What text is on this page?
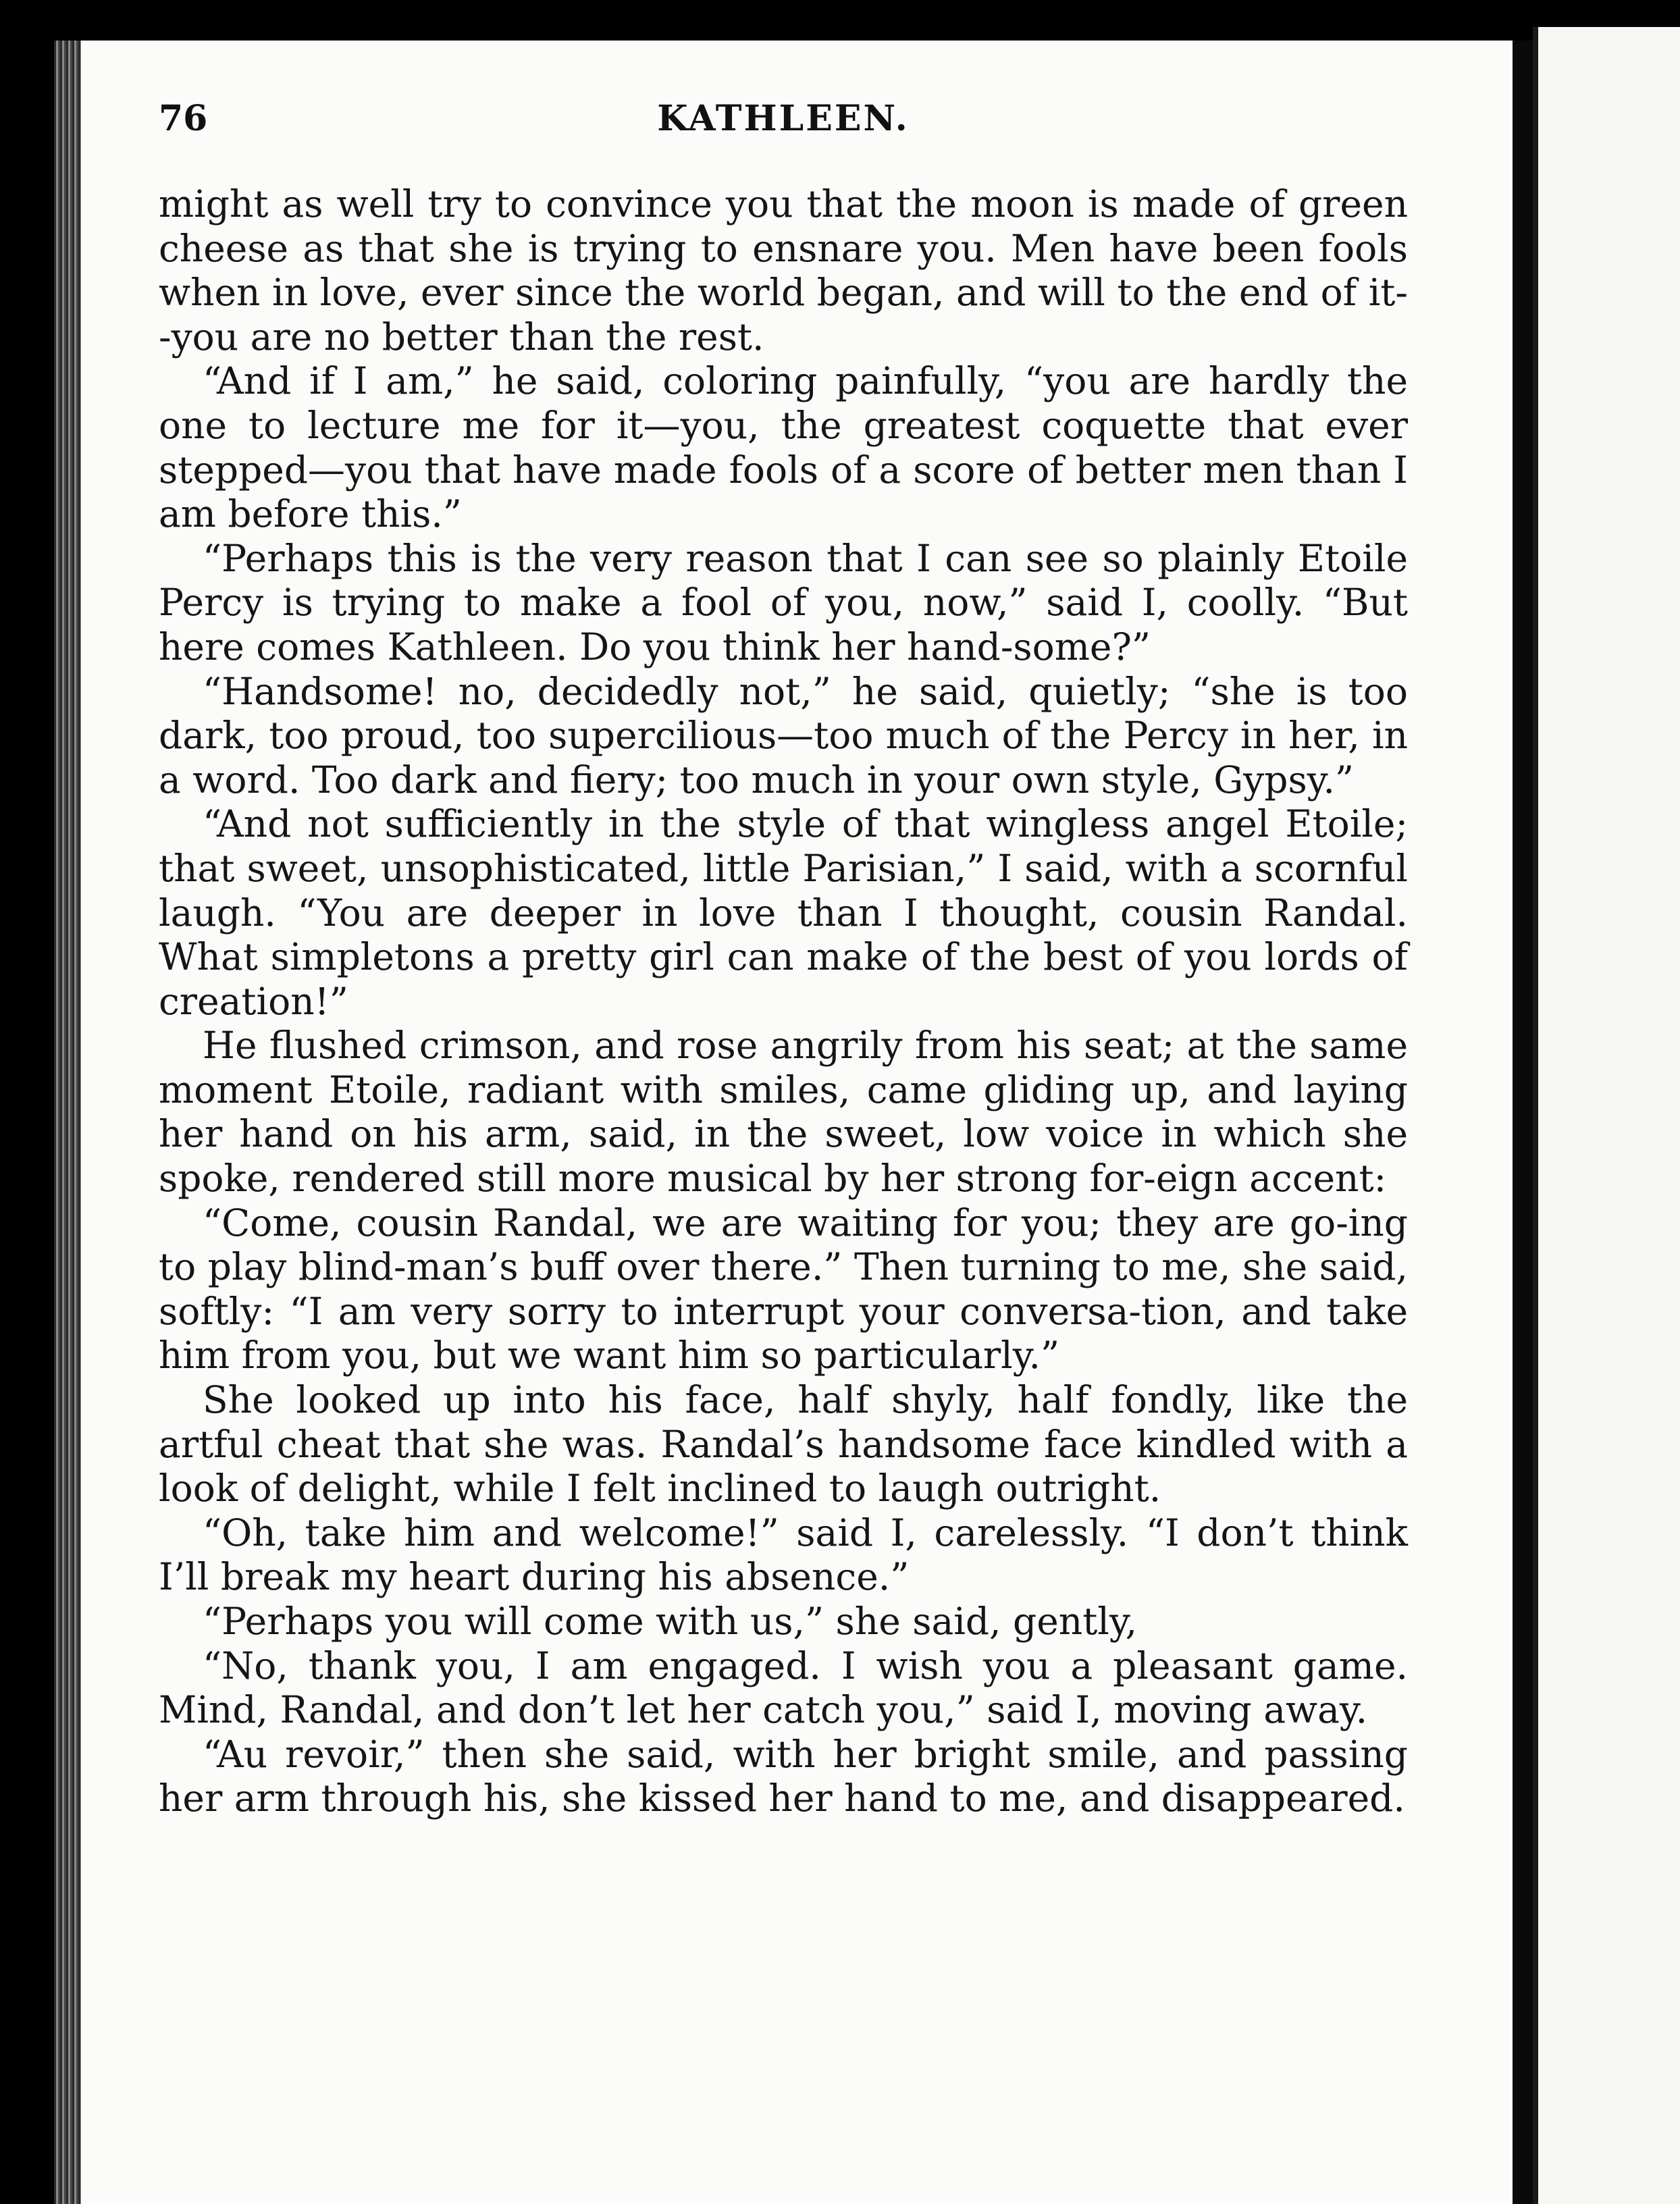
KATHLEEN.
76

might as well try to convince you that the moon is made of green cheese as that she is trying to ensnare you. Men have been fools when in love, ever since the world began, and will to the end of it--you are no better than the rest.

“And if I am,” he said, coloring painfully, “you are hardly the one to lecture me for it—you, the greatest coquette that ever stepped—you that have made fools of a score of better men than I am before this.”

“Perhaps this is the very reason that I can see so plainly Etoile Percy is trying to make a fool of you, now,” said I, coolly. “But here comes Kathleen. Do you think her hand-some?”

“Handsome! no, decidedly not,” he said, quietly; “she is too dark, too proud, too supercilious—too much of the Percy in her, in a word. Too dark and fiery; too much in your own style, Gypsy.”

“And not sufficiently in the style of that wingless angel Etoile; that sweet, unsophisticated, little Parisian,” I said, with a scornful laugh. “You are deeper in love than I thought, cousin Randal. What simpletons a pretty girl can make of the best of you lords of creation!”

He flushed crimson, and rose angrily from his seat; at the same moment Etoile, radiant with smiles, came gliding up, and laying her hand on his arm, said, in the sweet, low voice in which she spoke, rendered still more musical by her strong for-eign accent:

“Come, cousin Randal, we are waiting for you; they are go-ing to play blind-man’s buff over there.” Then turning to me, she said, softly: “I am very sorry to interrupt your conversa-tion, and take him from you, but we want him so particularly.”

She looked up into his face, half shyly, half fondly, like the artful cheat that she was. Randal’s handsome face kindled with a look of delight, while I felt inclined to laugh outright.

“Oh, take him and welcome!” said I, carelessly. “I don’t think I’ll break my heart during his absence.”

“Perhaps you will come with us,” she said, gently,

“No, thank you, I am engaged. I wish you a pleasant game. Mind, Randal, and don’t let her catch you,” said I, moving away.

“Au revoir,” then she said, with her bright smile, and passing her arm through his, she kissed her hand to me, and disappeared.

se tl al I w I c 1
